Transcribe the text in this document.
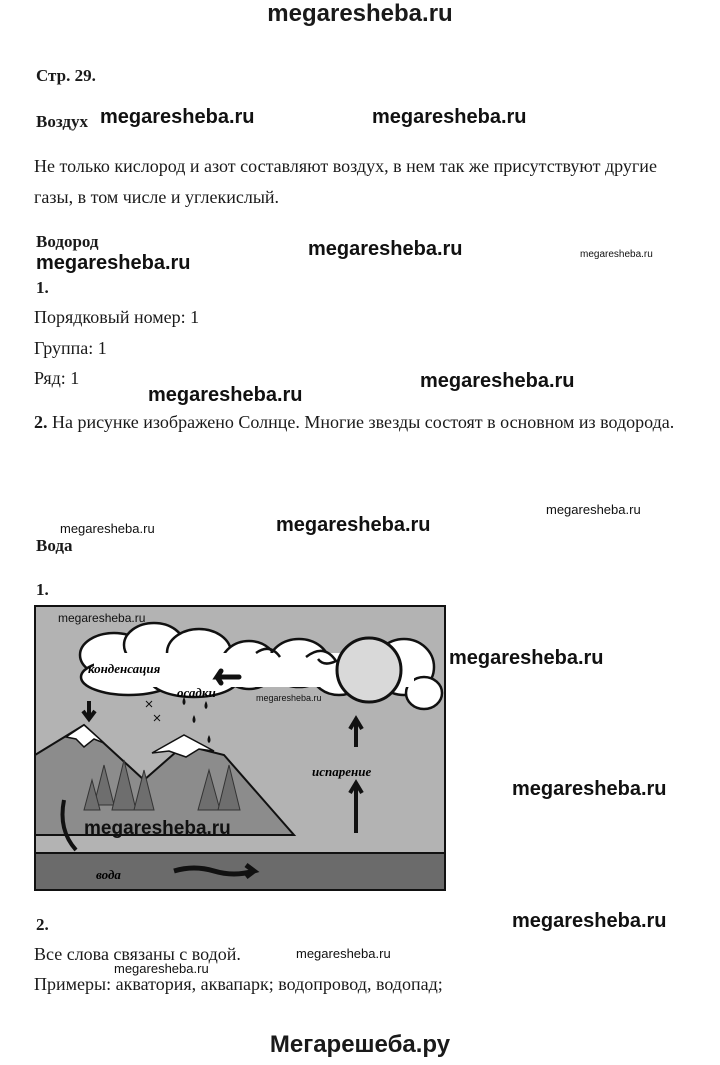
megaresheba.ru
Стр. 29.
Воздух megaresheba.ru	megaresheba.ru
Не только кислород и азот составляют воздух, в нем так же присутствуют другие газы, в том числе и углекислый.
Водород
megaresheba.ru
megaresheba.ru	megaresheba.ru
1.
Порядковый номер: 1
Группа: 1
Ряд: 1
megaresheba.ru
megaresheba.ru
2. На рисунке изображено Солнце. Многие звезды состоят в основном из водорода.
megaresheba.ru
megaresheba.ru	megaresheba.ru
Вода
1.
конденсация
осадки
испарение
вода
megaresheba.ru
megaresheba.ru
megaresheba.ru
megaresheba.ru
megaresheba.ru
2.	megaresheba.ru
Все слова связаны с водой.	megaresheba.ru
megaresheba.ru
Примеры: акватория, аквапарк; водопровод, водопад;
Мегарешеба.ру
